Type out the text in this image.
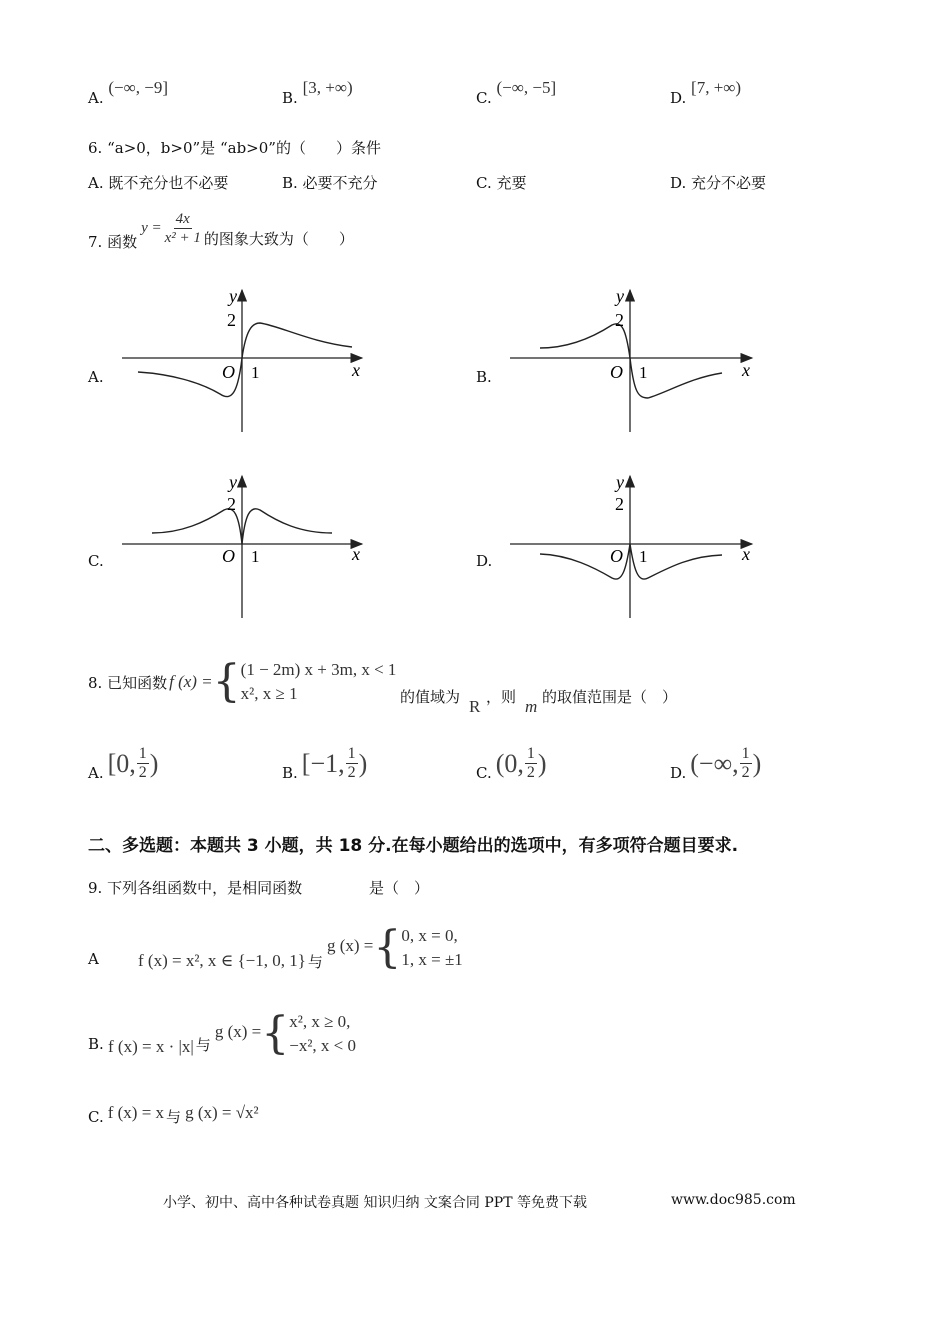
A. (−∞, −9]
B. [3, +∞)
C. (−∞, −5]
D. [7, +∞)
6. “a>0，b>0”是 “ab>0”的（　　）条件
A. 既不充分也不必要	B. 必要不充分	C. 充要	D. 充分不必要
7. 函数
$y = \frac{4x}{\text{x² + 1}}$ 的图象大致为（　　）
A.	B.
C.	D.
y
2
x
O 1
y
2
x
O 1
y
2
x
O 1
y
2
x
O 1
8. 已知函数 f (x) = { (1 − 2m) x + 3m, x < 1
x², x ≥ 1	的值域为 R ，则 m 的取值范围是（　）
A. [0, $\frac{1}{2}$ )	B. [−1, $\frac{1}{2}$ )	C. (0, $\frac{1}{2}$ )	D. (−∞, $\frac{1}{2}$ )
二、多选题：本题共 3 小题，共 18 分.在每小题给出的选项中，有多项符合题目要求.
9. 下列各组函数中，是相同函数	是（　）
A f (x) = x², x ∈ {−1, 0, 1} 与
g (x) = { 0, x = 0,
1, x = ±1
B. f (x) = x · |x| 与
g (x) = { x², x ≥ 0,
−x², x < 0
C. f (x) = x 与 g (x) = √x²
小学、初中、高中各种试卷真题 知识归纳 文案合同 PPT 等免费下载	www.doc985.com
